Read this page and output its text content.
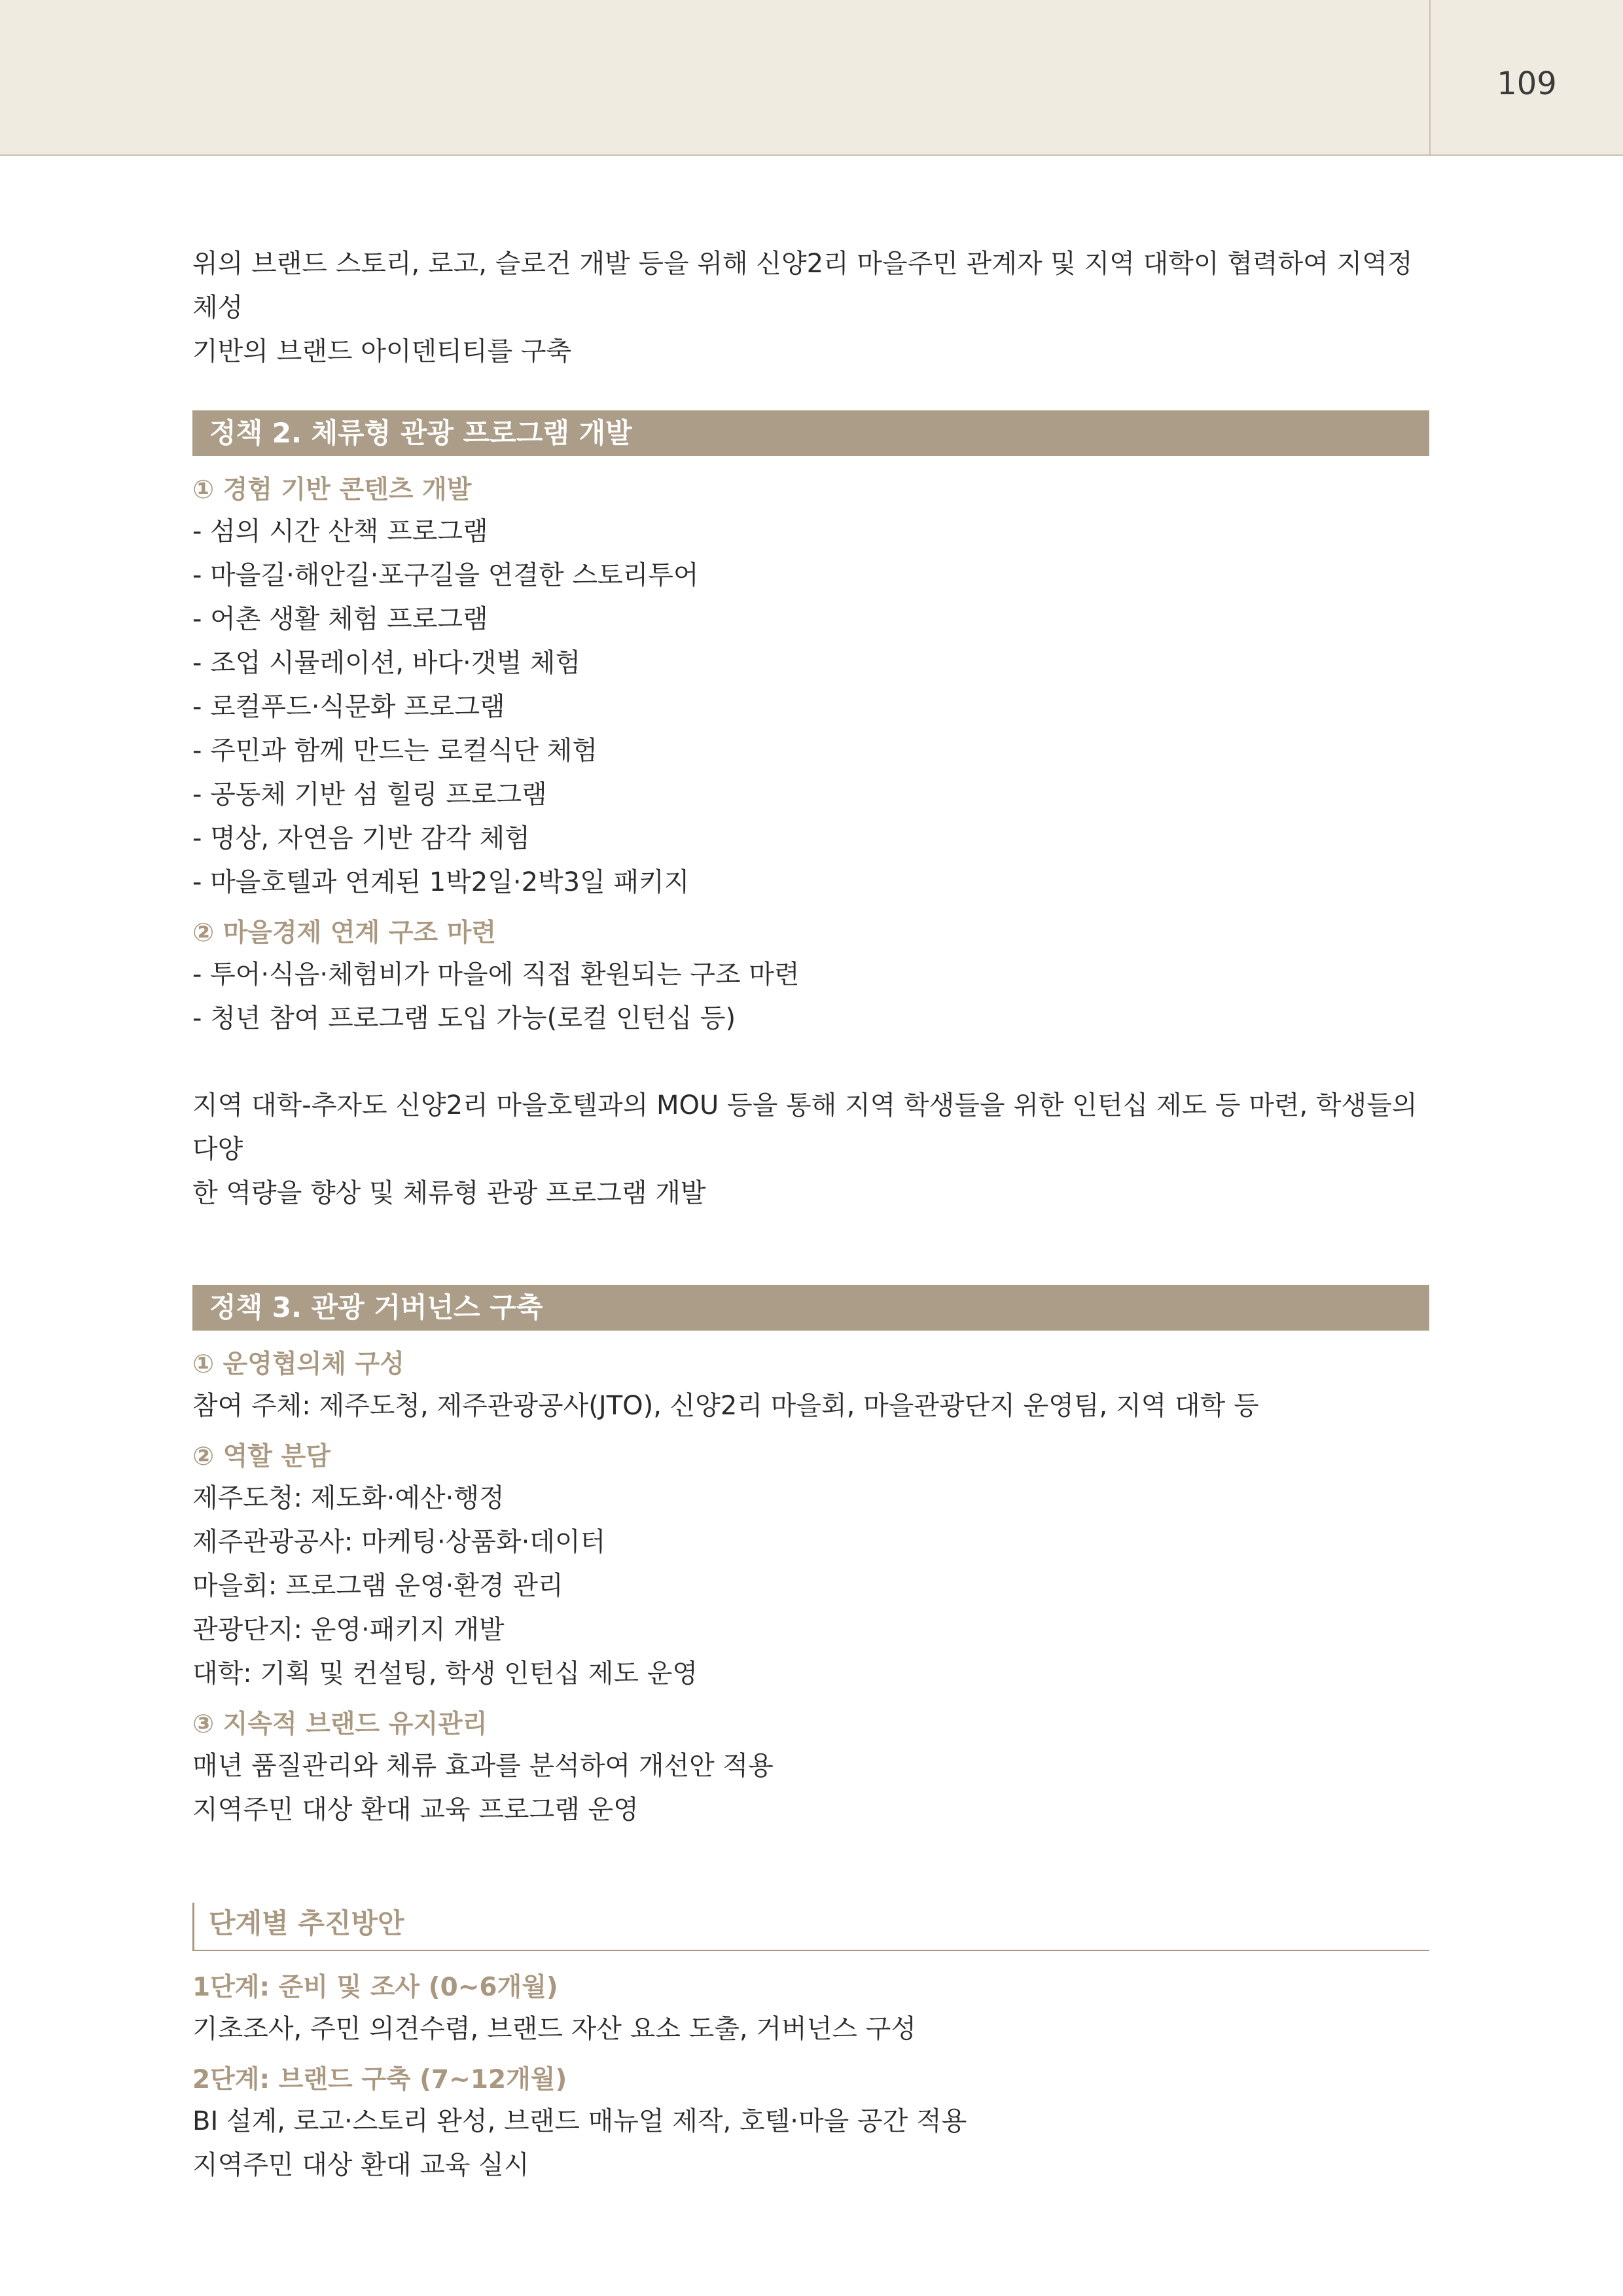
109

위의 브랜드 스토리, 로고, 슬로건 개발 등을 위해 신양2리 마을주민 관계자 및 지역 대학이 협력하여 지역정체성
기반의 브랜드 아이덴티티를 구축

정책 2. 체류형 관광 프로그램 개발
① 경험 기반 콘텐츠 개발
- 섬의 시간 산책 프로그램
- 마을길·해안길·포구길을 연결한 스토리투어
- 어촌 생활 체험 프로그램
- 조업 시뮬레이션, 바다·갯벌 체험
- 로컬푸드·식문화 프로그램
- 주민과 함께 만드는 로컬식단 체험
- 공동체 기반 섬 힐링 프로그램
- 명상, 자연음 기반 감각 체험
- 마을호텔과 연계된 1박2일·2박3일 패키지
② 마을경제 연계 구조 마련
- 투어·식음·체험비가 마을에 직접 환원되는 구조 마련
- 청년 참여 프로그램 도입 가능(로컬 인턴십 등)

지역 대학-추자도 신양2리 마을호텔과의 MOU 등을 통해 지역 학생들을 위한 인턴십 제도 등 마련, 학생들의 다양
한 역량을 향상 및 체류형 관광 프로그램 개발

정책 3. 관광 거버넌스 구축
① 운영협의체 구성
참여 주체: 제주도청, 제주관광공사(JTO), 신양2리 마을회, 마을관광단지 운영팀, 지역 대학 등
② 역할 분담
제주도청: 제도화·예산·행정
제주관광공사: 마케팅·상품화·데이터
마을회: 프로그램 운영·환경 관리
관광단지: 운영·패키지 개발
대학: 기획 및 컨설팅, 학생 인턴십 제도 운영
③ 지속적 브랜드 유지관리
매년 품질관리와 체류 효과를 분석하여 개선안 적용
지역주민 대상 환대 교육 프로그램 운영
단계별 추진방안
1단계: 준비 및 조사 (0~6개월)
기초조사, 주민 의견수렴, 브랜드 자산 요소 도출, 거버넌스 구성
2단계: 브랜드 구축 (7~12개월)
BI 설계, 로고·스토리 완성, 브랜드 매뉴얼 제작, 호텔·마을 공간 적용
지역주민 대상 환대 교육 실시
